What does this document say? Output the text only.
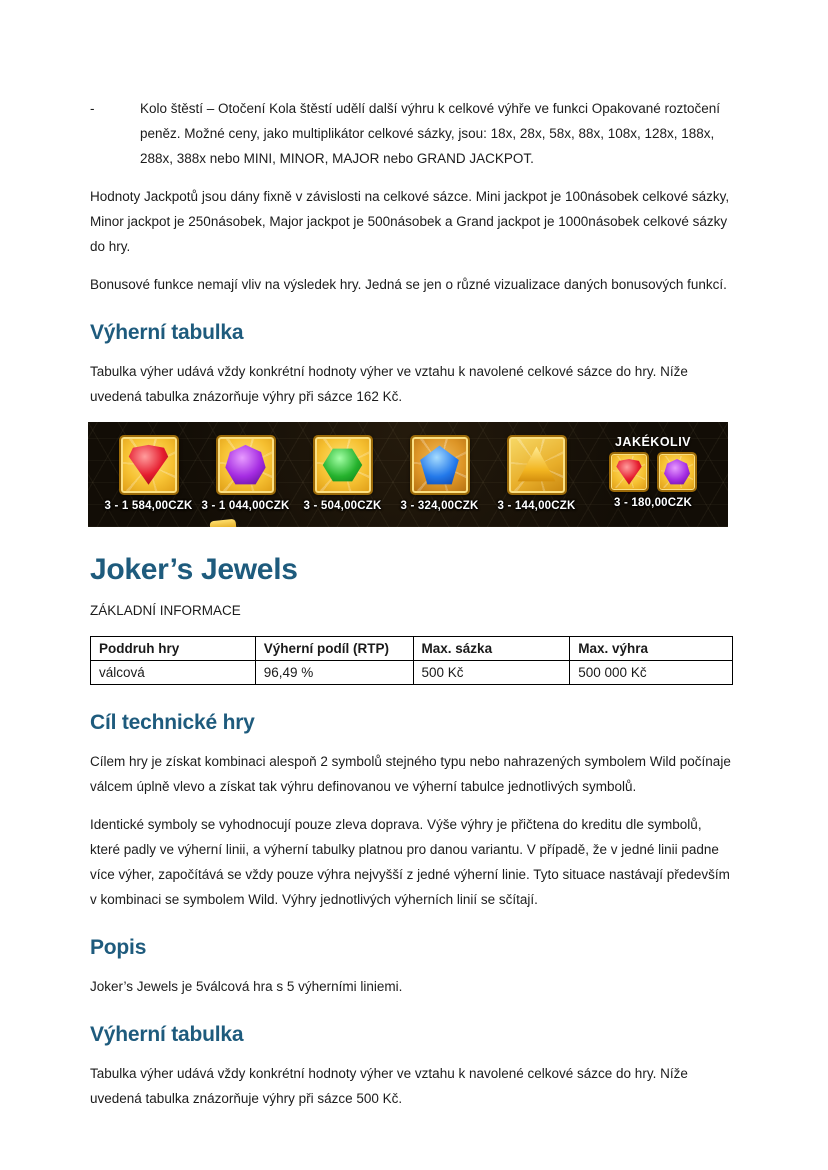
-	Kolo štěstí – Otočení Kola štěstí udělí další výhru k celkové výhře ve funkci Opakované roztočení peněz. Možné ceny, jako multiplikátor celkové sázky, jsou: 18x, 28x, 58x, 88x, 108x, 128x, 188x, 288x, 388x nebo MINI, MINOR, MAJOR nebo GRAND JACKPOT.

Hodnoty Jackpotů jsou dány fixně v závislosti na celkové sázce. Mini jackpot je 100násobek celkové sázky, Minor jackpot je 250násobek, Major jackpot je 500násobek a Grand jackpot je 1000násobek celkové sázky do hry.

Bonusové funkce nemají vliv na výsledek hry. Jedná se jen o různé vizualizace daných bonusových funkcí.

Výherní tabulka

Tabulka výher udává vždy konkrétní hodnoty výher ve vztahu k navolené celkové sázce do hry. Níže uvedená tabulka znázorňuje výhry při sázce 162 Kč.

3 - 1 584,00CZK 3 - 1 044,00CZK 3 - 504,00CZK 3 - 324,00CZK 3 - 144,00CZK
JAKÉKOLIV
3 - 180,00CZK
Joker’s Jewels

ZÁKLADNÍ INFORMACE

Poddruh hry	Výherní podíl (RTP)	Max. sázka	Max. výhra
válcová	96,49 %	500 Kč	500 000 Kč
Cíl technické hry

Cílem hry je získat kombinaci alespoň 2 symbolů stejného typu nebo nahrazených symbolem Wild počínaje válcem úplně vlevo a získat tak výhru definovanou ve výherní tabulce jednotlivých symbolů.

Identické symboly se vyhodnocují pouze zleva doprava. Výše výhry je přičtena do kreditu dle symbolů, které padly ve výherní linii, a výherní tabulky platnou pro danou variantu. V případě, že v jedné linii padne více výher, započítává se vždy pouze výhra nejvyšší z jedné výherní linie. Tyto situace nastávají především v kombinaci se symbolem Wild. Výhry jednotlivých výherních linií se sčítají.

Popis

Joker’s Jewels je 5válcová hra s 5 výherními liniemi.

Výherní tabulka

Tabulka výher udává vždy konkrétní hodnoty výher ve vztahu k navolené celkové sázce do hry. Níže uvedená tabulka znázorňuje výhry při sázce 500 Kč.
